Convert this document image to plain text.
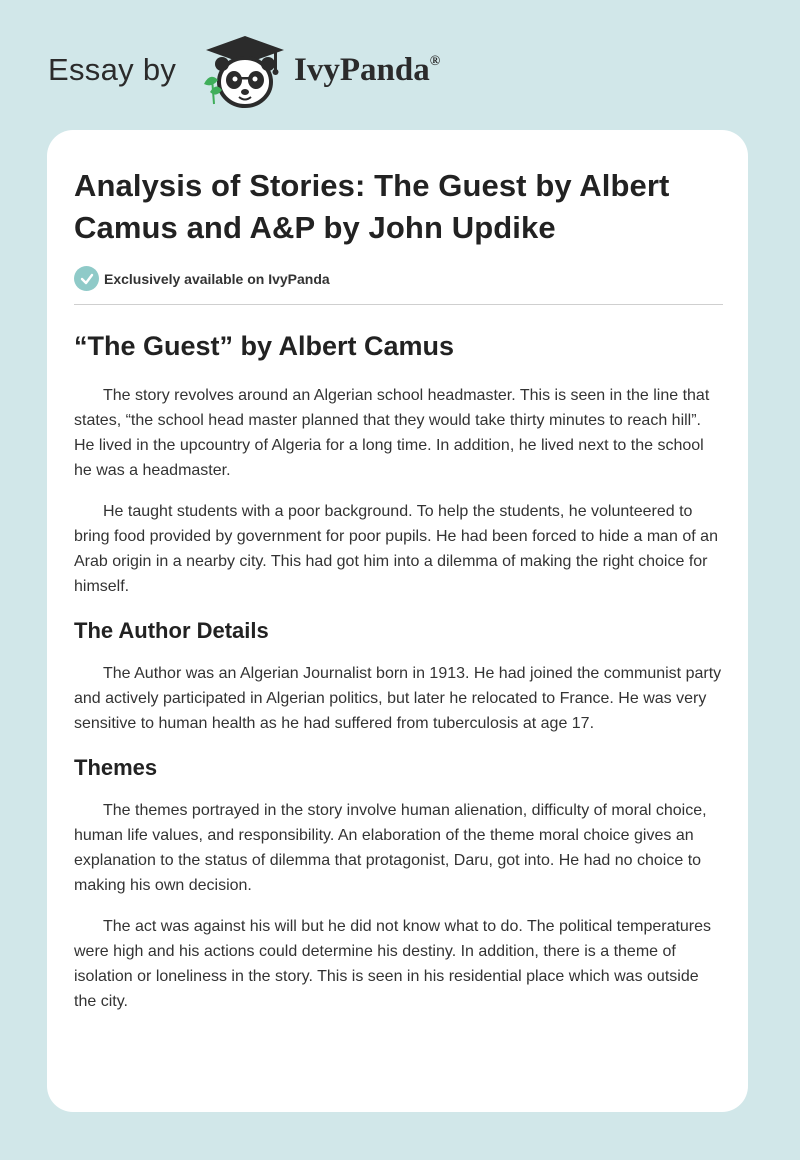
Essay by	IvyPanda®
Analysis of Stories: The Guest by Albert Camus and A&P by John Updike
Exclusively available on IvyPanda
“The Guest” by Albert Camus

The story revolves around an Algerian school headmaster. This is seen in the line that states, “the school head master planned that they would take thirty minutes to reach hill”. He lived in the upcountry of Algeria for a long time. In addition, he lived next to the school he was a headmaster.

He taught students with a poor background. To help the students, he volunteered to bring food provided by government for poor pupils. He had been forced to hide a man of an Arab origin in a nearby city. This had got him into a dilemma of making the right choice for himself.

The Author Details

The Author was an Algerian Journalist born in 1913. He had joined the communist party and actively participated in Algerian politics, but later he relocated to France. He was very sensitive to human health as he had suffered from tuberculosis at age 17.

Themes

The themes portrayed in the story involve human alienation, difficulty of moral choice, human life values, and responsibility. An elaboration of the theme moral choice gives an explanation to the status of dilemma that protagonist, Daru, got into. He had no choice to making his own decision.

The act was against his will but he did not know what to do. The political temperatures were high and his actions could determine his destiny. In addition, there is a theme of isolation or loneliness in the story. This is seen in his residential place which was outside the city.
